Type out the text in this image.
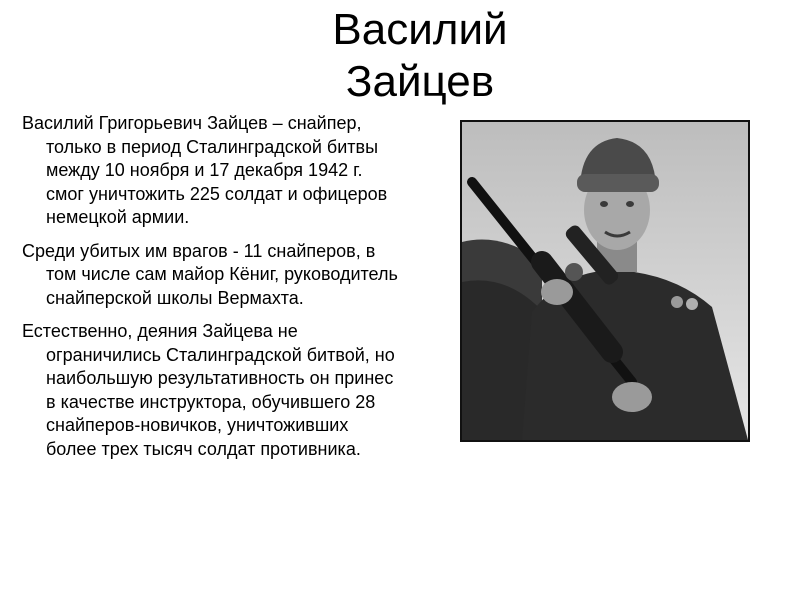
Василий
Зайцев

Василий Григорьевич Зайцев – снайпер, только в период Сталинградской битвы между 10 ноября и 17 декабря 1942 г. смог уничтожить 225 солдат и офицеров немецкой армии.

Среди убитых им врагов - 11 снайперов, в том числе сам майор Кёниг, руководитель снайперской школы Вермахта.

Естественно, деяния Зайцева не ограничились Сталинградской битвой, но наибольшую результативность он принес в качестве инструктора, обучившего 28 снайперов-новичков, уничтоживших более трех тысяч солдат противника.
